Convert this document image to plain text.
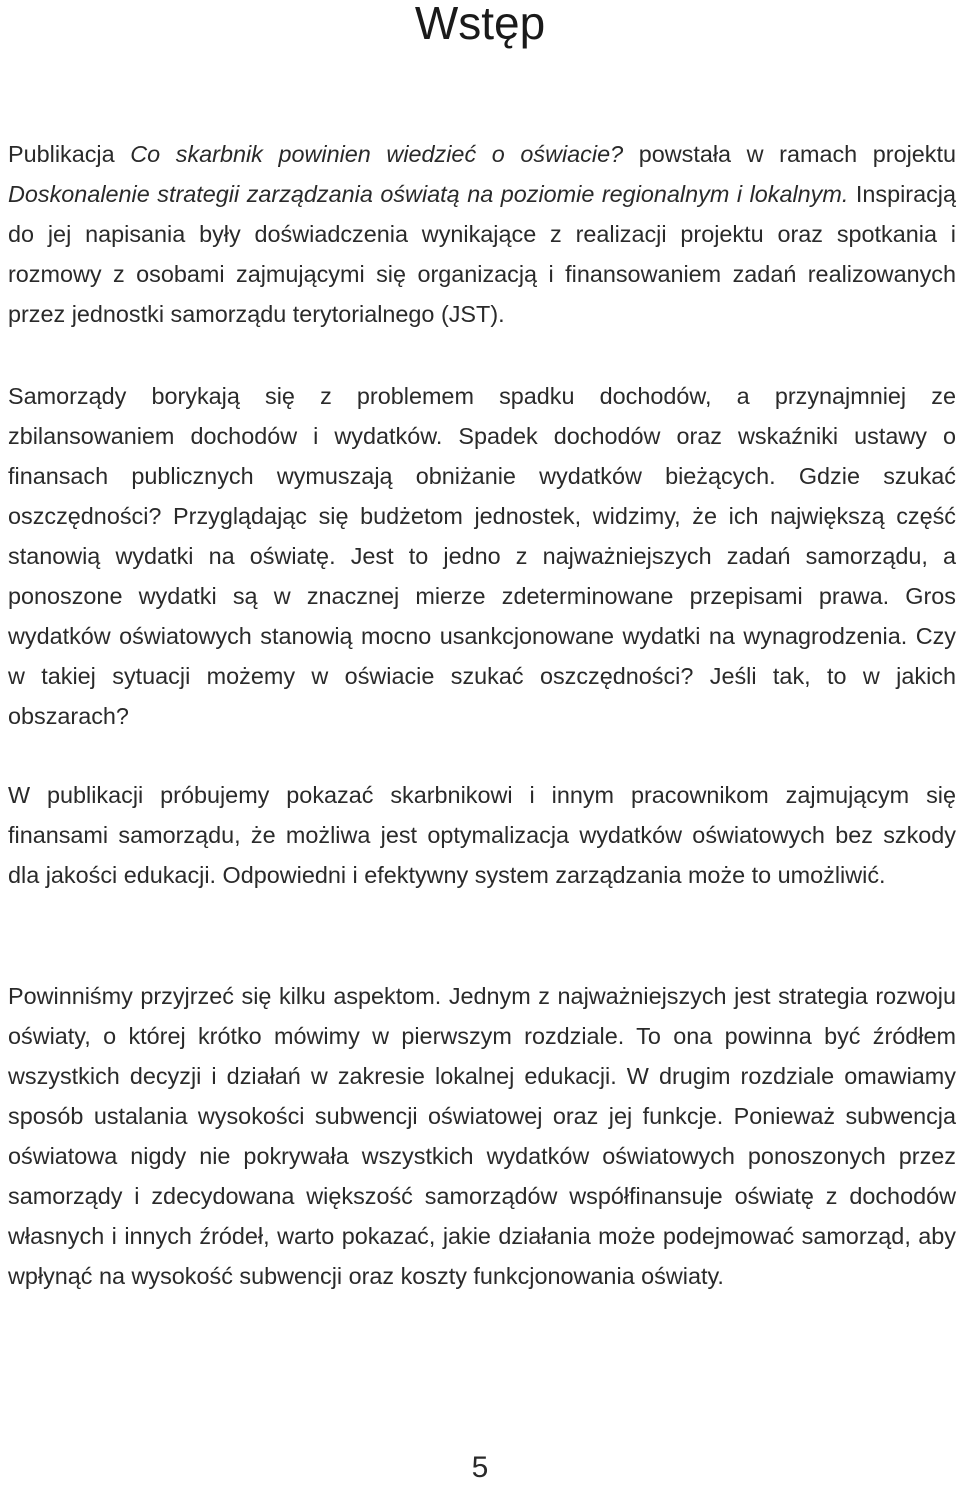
Wstęp

Publikacja Co skarbnik powinien wiedzieć o oświacie? powstała w ramach projektu Doskonalenie strategii zarządzania oświatą na poziomie regionalnym i lokalnym. Inspiracją do jej napisania były doświadczenia wynikające z realizacji projektu oraz spotkania i rozmowy z osobami zajmującymi się organizacją i finansowaniem zadań realizowanych przez jednostki samorządu terytorialnego (JST).

Samorządy borykają się z problemem spadku dochodów, a przynajmniej ze zbilansowaniem dochodów i wydatków. Spadek dochodów oraz wskaźniki ustawy o finansach publicznych wymuszają obniżanie wydatków bieżących. Gdzie szukać oszczędności? Przyglądając się budżetom jednostek, widzimy, że ich największą część stanowią wydatki na oświatę. Jest to jedno z najważniejszych zadań samorządu, a ponoszone wydatki są w znacznej mierze zdeterminowane przepisami prawa. Gros wydatków oświatowych stanowią mocno usankcjonowane wydatki na wynagrodzenia. Czy w takiej sytuacji możemy w oświacie szukać oszczędności? Jeśli tak, to w jakich obszarach?

W publikacji próbujemy pokazać skarbnikowi i innym pracownikom zajmującym się finansami samorządu, że możliwa jest optymalizacja wydatków oświatowych bez szkody dla jakości edukacji. Odpowiedni i efektywny system zarządzania może to umożliwić.

Powinniśmy przyjrzeć się kilku aspektom. Jednym z najważniejszych jest strategia rozwoju oświaty, o której krótko mówimy w pierwszym rozdziale. To ona powinna być źródłem wszystkich decyzji i działań w zakresie lokalnej edukacji. W drugim rozdziale omawiamy sposób ustalania wysokości subwencji oświatowej oraz jej funkcje. Ponieważ subwencja oświatowa nigdy nie pokrywała wszystkich wydatków oświatowych ponoszonych przez samorządy i zdecydowana większość samorządów współfinansuje oświatę z dochodów własnych i innych źródeł, warto pokazać, jakie działania może podejmować samorząd, aby wpłynąć na wysokość subwencji oraz koszty funkcjonowania oświaty.

5
